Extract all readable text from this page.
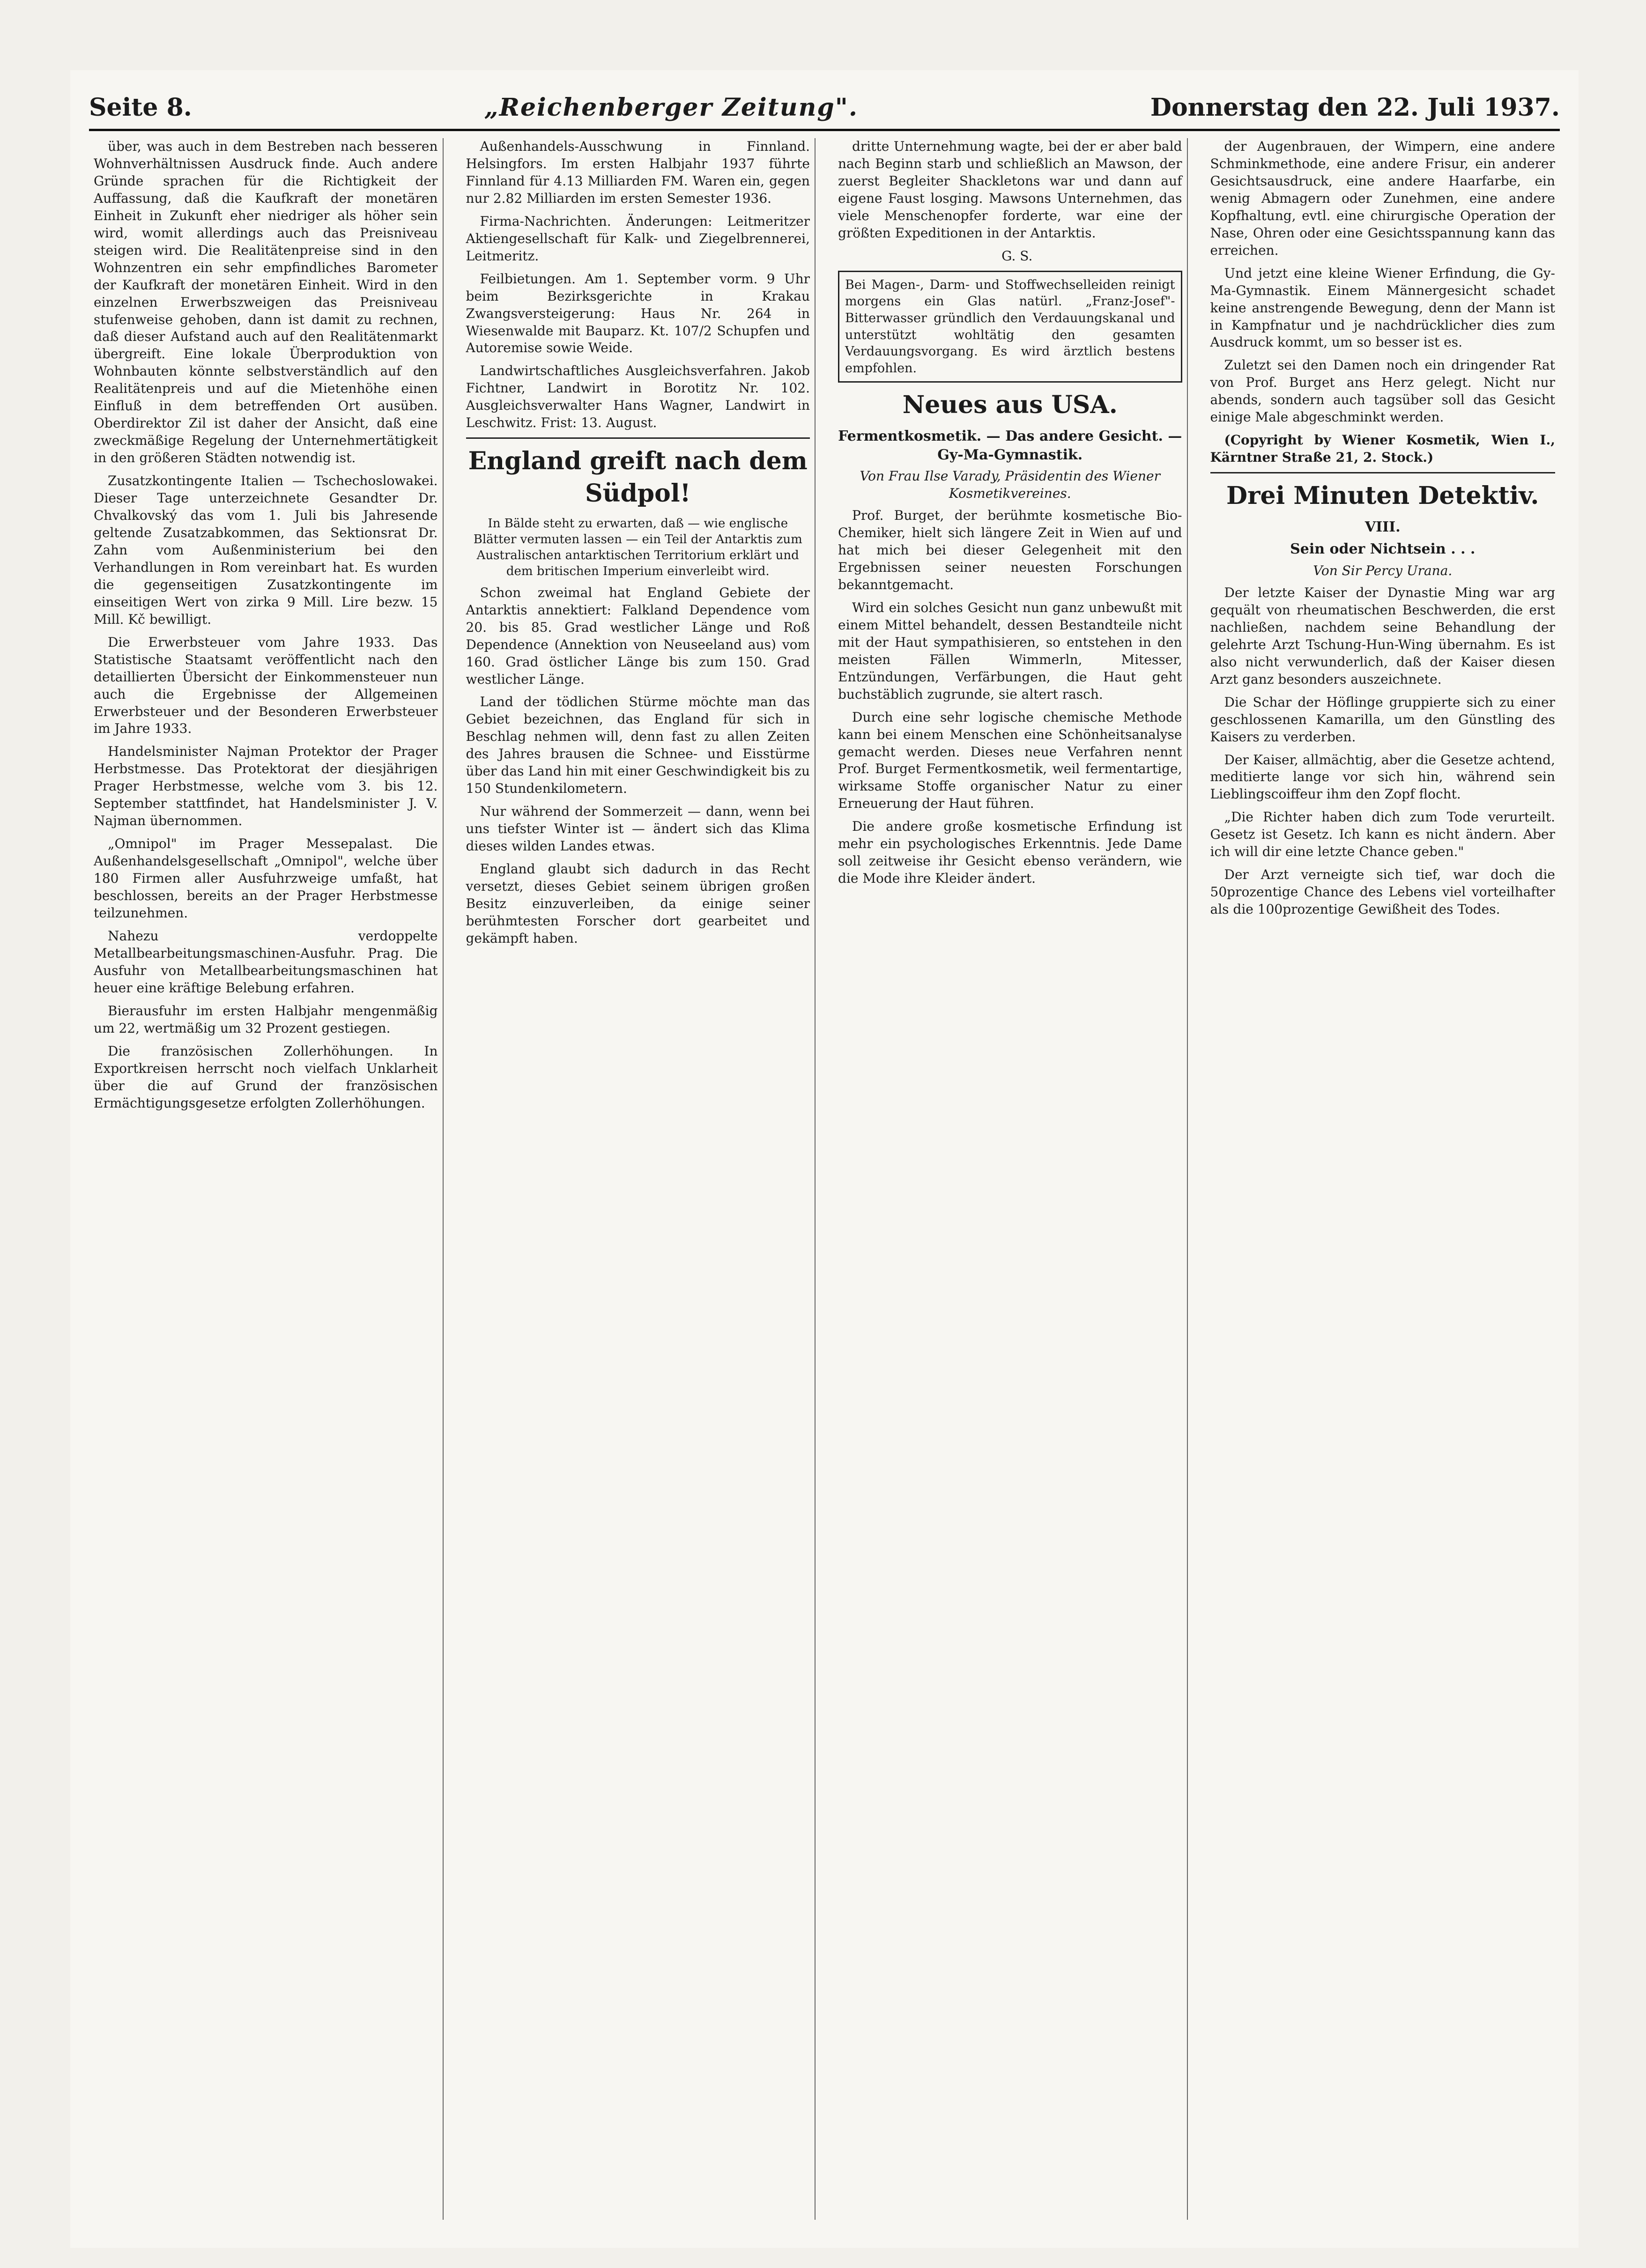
Seite 8.	„Reichenberger Zeitung".	Donnerstag den 22. Juli 1937.

über, was auch in dem Bestreben nach besseren Wohnverhältnissen Ausdruck finde. Auch andere Gründe sprachen für die Richtigkeit der Auffassung, daß die Kaufkraft der monetären Einheit in Zukunft eher niedriger als höher sein wird, womit allerdings auch das Preisniveau steigen wird. Die Realitätenpreise sind in den Wohnzentren ein sehr empfindliches Barometer der Kaufkraft der monetären Einheit. Wird in den einzelnen Erwerbszweigen das Preisniveau stufenweise gehoben, dann ist damit zu rechnen, daß dieser Aufstand auch auf den Realitätenmarkt übergreift. Eine lokale Überproduktion von Wohnbauten könnte selbstverständlich auf den Realitätenpreis und auf die Mietenhöhe einen Einfluß in dem betreffenden Ort ausüben. Oberdirektor Zil ist daher der Ansicht, daß eine zweckmäßige Regelung der Unternehmertätigkeit in den größeren Städten notwendig ist.

Zusatzkontingente Italien — Tschechoslowakei. Dieser Tage unterzeichnete Gesandter Dr. Chvalkovský das vom 1. Juli bis Jahresende geltende Zusatzabkommen, das Sektionsrat Dr. Zahn vom Außenministerium bei den Verhandlungen in Rom vereinbart hat. Es wurden die gegenseitigen Zusatzkontingente im einseitigen Wert von zirka 9 Mill. Lire bezw. 15 Mill. Kč bewilligt.

Die Erwerbsteuer vom Jahre 1933. Das Statistische Staatsamt veröffentlicht nach den detaillierten Übersicht der Einkommensteuer nun auch die Ergebnisse der Allgemeinen Erwerbsteuer und der Besonderen Erwerbsteuer im Jahre 1933.

Handelsminister Najman Protektor der Prager Herbstmesse. Das Protektorat der diesjährigen Prager Herbstmesse, welche vom 3. bis 12. September stattfindet, hat Handelsminister J. V. Najman übernommen.

„Omnipol" im Prager Messepalast. Die Außenhandelsgesellschaft „Omnipol", welche über 180 Firmen aller Ausfuhrzweige umfaßt, hat beschlossen, bereits an der Prager Herbstmesse teilzunehmen.

Nahezu verdoppelte Metallbearbeitungsmaschinen-Ausfuhr. Prag. Die Ausfuhr von Metallbearbeitungsmaschinen hat heuer eine kräftige Belebung erfahren.

Bierausfuhr im ersten Halbjahr mengenmäßig um 22, wertmäßig um 32 Prozent gestiegen.

Die französischen Zollerhöhungen. In Exportkreisen herrscht noch vielfach Unklarheit über die auf Grund der französischen Ermächtigungsgesetze erfolgten Zollerhöhungen.

Außenhandels-Ausschwung in Finnland. Helsingfors. Im ersten Halbjahr 1937 führte Finnland für 4.13 Milliarden FM. Waren ein, gegen nur 2.82 Milliarden im ersten Semester 1936.

Firma-Nachrichten. Änderungen: Leitmeritzer Aktiengesellschaft für Kalk- und Ziegelbrennerei, Leitmeritz.

Feilbietungen. Am 1. September vorm. 9 Uhr beim Bezirksgerichte in Krakau Zwangsversteigerung: Haus Nr. 264 in Wiesenwalde mit Bauparz. Kt. 107/2 Schupfen und Autoremise sowie Weide.

Landwirtschaftliches Ausgleichsverfahren. Jakob Fichtner, Landwirt in Borotitz Nr. 102. Ausgleichsverwalter Hans Wagner, Landwirt in Leschwitz. Frist: 13. August.

England greift nach dem Südpol!

In Bälde steht zu erwarten, daß — wie englische Blätter vermuten lassen — ein Teil der Antarktis zum Australischen antarktischen Territorium erklärt und dem britischen Imperium einverleibt wird.

Schon zweimal hat England Gebiete der Antarktis annektiert: Falkland Dependence vom 20. bis 85. Grad westlicher Länge und Roß Dependence (Annektion von Neuseeland aus) vom 160. Grad östlicher Länge bis zum 150. Grad westlicher Länge.

Land der tödlichen Stürme möchte man das Gebiet bezeichnen, das England für sich in Beschlag nehmen will, denn fast zu allen Zeiten des Jahres brausen die Schnee- und Eisstürme über das Land hin mit einer Geschwindigkeit bis zu 150 Stundenkilometern.

Nur während der Sommerzeit — dann, wenn bei uns tiefster Winter ist — ändert sich das Klima dieses wilden Landes etwas.

England glaubt sich dadurch in das Recht versetzt, dieses Gebiet seinem übrigen großen Besitz einzuverleiben, da einige seiner berühmtesten Forscher dort gearbeitet und gekämpft haben.

dritte Unternehmung wagte, bei der er aber bald nach Beginn starb und schließlich an Mawson, der zuerst Begleiter Shackletons war und dann auf eigene Faust losging. Mawsons Unternehmen, das viele Menschenopfer forderte, war eine der größten Expeditionen in der Antarktis.

G. S.

Bei Magen-, Darm- und Stoffwechselleiden reinigt morgens ein Glas natürl. „Franz-Josef"-Bitterwasser gründlich den Verdauungskanal und unterstützt wohltätig den gesamten Verdauungsvorgang. Es wird ärztlich bestens empfohlen.
Neues aus USA.

Fermentkosmetik. — Das andere Gesicht. — Gy-Ma-Gymnastik.

Von Frau Ilse Varady, Präsidentin des Wiener Kosmetikvereines.

Prof. Burget, der berühmte kosmetische Bio-Chemiker, hielt sich längere Zeit in Wien auf und hat mich bei dieser Gelegenheit mit den Ergebnissen seiner neuesten Forschungen bekanntgemacht.

Wird ein solches Gesicht nun ganz unbewußt mit einem Mittel behandelt, dessen Bestandteile nicht mit der Haut sympathisieren, so entstehen in den meisten Fällen Wimmerln, Mitesser, Entzündungen, Verfärbungen, die Haut geht buchstäblich zugrunde, sie altert rasch.

Durch eine sehr logische chemische Methode kann bei einem Menschen eine Schönheitsanalyse gemacht werden. Dieses neue Verfahren nennt Prof. Burget Fermentkosmetik, weil fermentartige, wirksame Stoffe organischer Natur zu einer Erneuerung der Haut führen.

Die andere große kosmetische Erfindung ist mehr ein psychologisches Erkenntnis. Jede Dame soll zeitweise ihr Gesicht ebenso verändern, wie die Mode ihre Kleider ändert.

der Augenbrauen, der Wimpern, eine andere Schminkmethode, eine andere Frisur, ein anderer Gesichtsausdruck, eine andere Haarfarbe, ein wenig Abmagern oder Zunehmen, eine andere Kopfhaltung, evtl. eine chirurgische Operation der Nase, Ohren oder eine Gesichtsspannung kann das erreichen.

Und jetzt eine kleine Wiener Erfindung, die Gy-Ma-Gymnastik. Einem Männergesicht schadet keine anstrengende Bewegung, denn der Mann ist in Kampfnatur und je nachdrücklicher dies zum Ausdruck kommt, um so besser ist es.

Zuletzt sei den Damen noch ein dringender Rat von Prof. Burget ans Herz gelegt. Nicht nur abends, sondern auch tagsüber soll das Gesicht einige Male abgeschminkt werden.

(Copyright by Wiener Kosmetik, Wien I., Kärntner Straße 21, 2. Stock.)

Drei Minuten Detektiv.

VIII.

Sein oder Nichtsein . . .

Von Sir Percy Urana.

Der letzte Kaiser der Dynastie Ming war arg gequält von rheumatischen Beschwerden, die erst nachließen, nachdem seine Behandlung der gelehrte Arzt Tschung-Hun-Wing übernahm. Es ist also nicht verwunderlich, daß der Kaiser diesen Arzt ganz besonders auszeichnete.

Die Schar der Höflinge gruppierte sich zu einer geschlossenen Kamarilla, um den Günstling des Kaisers zu verderben.

Der Kaiser, allmächtig, aber die Gesetze achtend, meditierte lange vor sich hin, während sein Lieblingscoiffeur ihm den Zopf flocht.

„Die Richter haben dich zum Tode verurteilt. Gesetz ist Gesetz. Ich kann es nicht ändern. Aber ich will dir eine letzte Chance geben."

Der Arzt verneigte sich tief, war doch die 50prozentige Chance des Lebens viel vorteilhafter als die 100prozentige Gewißheit des Todes.
